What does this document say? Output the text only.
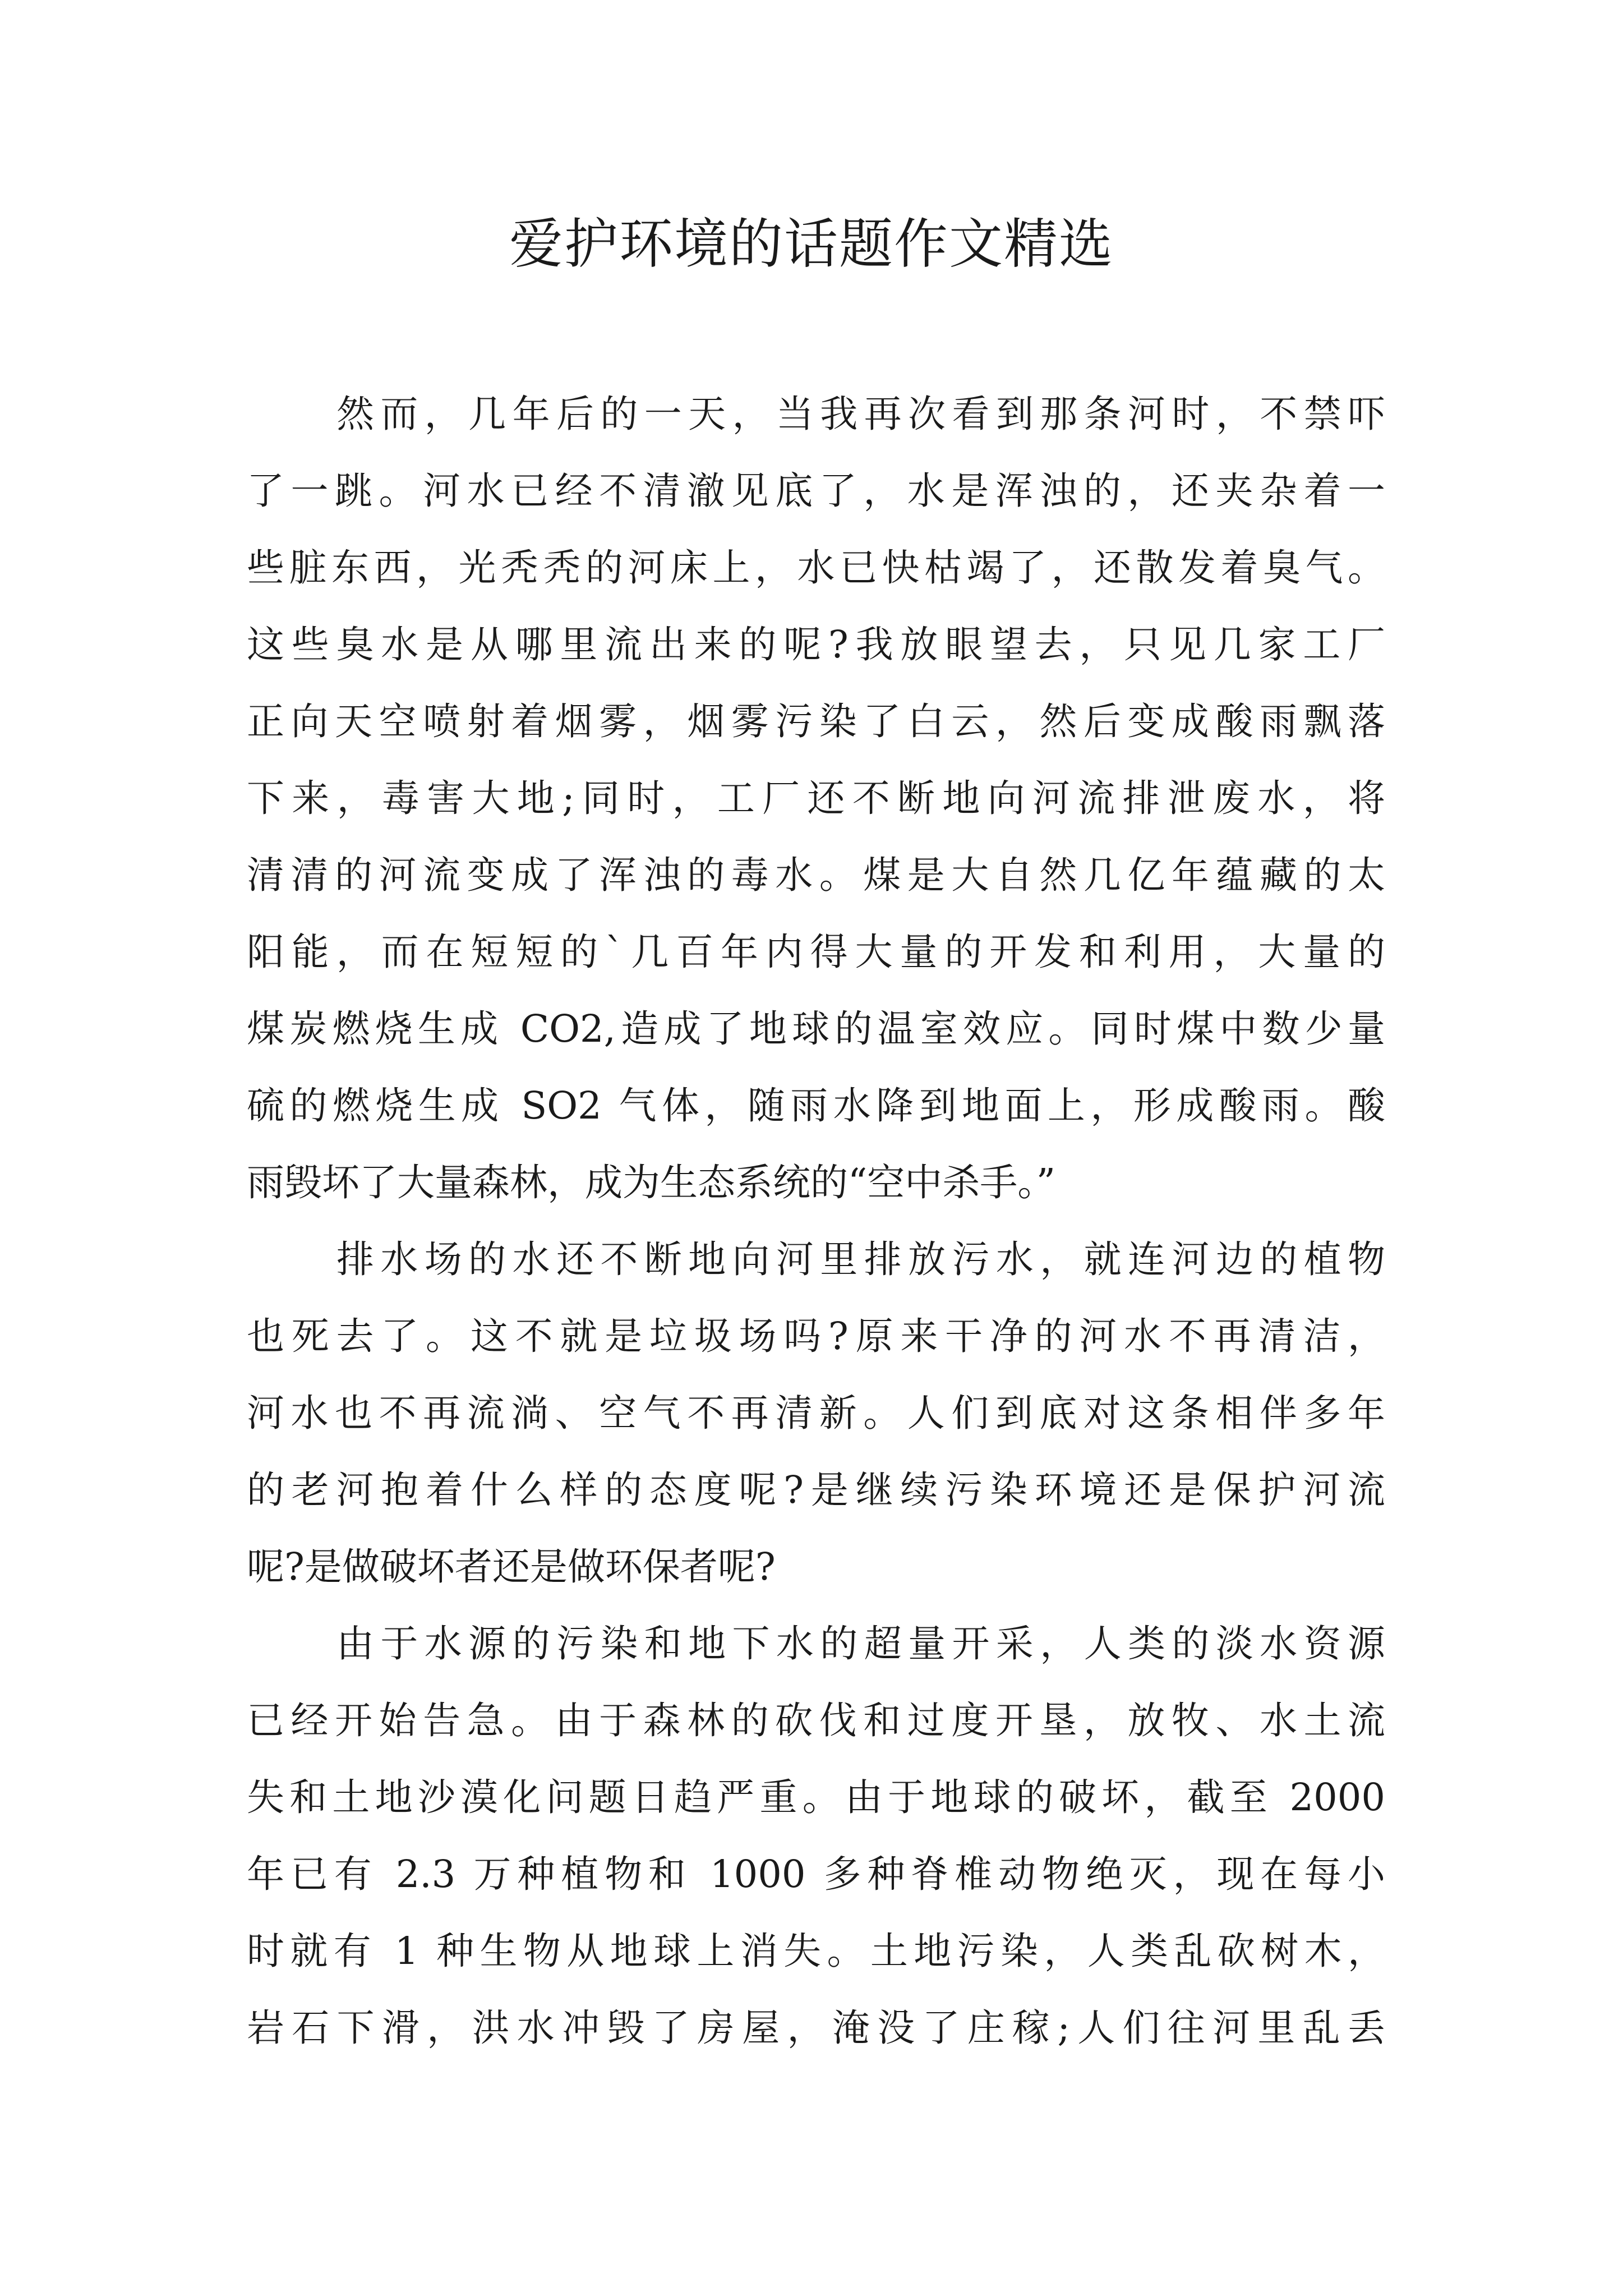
爱护环境的话题作文精选

然而，几年后的一天，当我再次看到那条河时，不禁吓

了一跳。河水已经不清澈见底了，水是浑浊的，还夹杂着一

些脏东西，光秃秃的河床上，水已快枯竭了，还散发着臭气。

这些臭水是从哪里流出来的呢?我放眼望去，只见几家工厂

正向天空喷射着烟雾，烟雾污染了白云，然后变成酸雨飘落

下来，毒害大地;同时，工厂还不断地向河流排泄废水，将

清清的河流变成了浑浊的毒水。煤是大自然几亿年蕴藏的太

阳能，而在短短的`几百年内得大量的开发和利用，大量的

煤炭燃烧生成 CO2,造成了地球的温室效应。同时煤中数少量

硫的燃烧生成 SO2 气体，随雨水降到地面上，形成酸雨。酸

雨毁坏了大量森林，成为生态系统的“空中杀手。”

排水场的水还不断地向河里排放污水，就连河边的植物

也死去了。这不就是垃圾场吗?原来干净的河水不再清洁，

河水也不再流淌、空气不再清新。人们到底对这条相伴多年

的老河抱着什么样的态度呢?是继续污染环境还是保护河流

呢?是做破坏者还是做环保者呢?

由于水源的污染和地下水的超量开采，人类的淡水资源

已经开始告急。由于森林的砍伐和过度开垦，放牧、水土流

失和土地沙漠化问题日趋严重。由于地球的破坏，截至 2000

年已有 2.3 万种植物和 1000 多种脊椎动物绝灭，现在每小

时就有 1 种生物从地球上消失。土地污染，人类乱砍树木，

岩石下滑，洪水冲毁了房屋，淹没了庄稼;人们往河里乱丢
